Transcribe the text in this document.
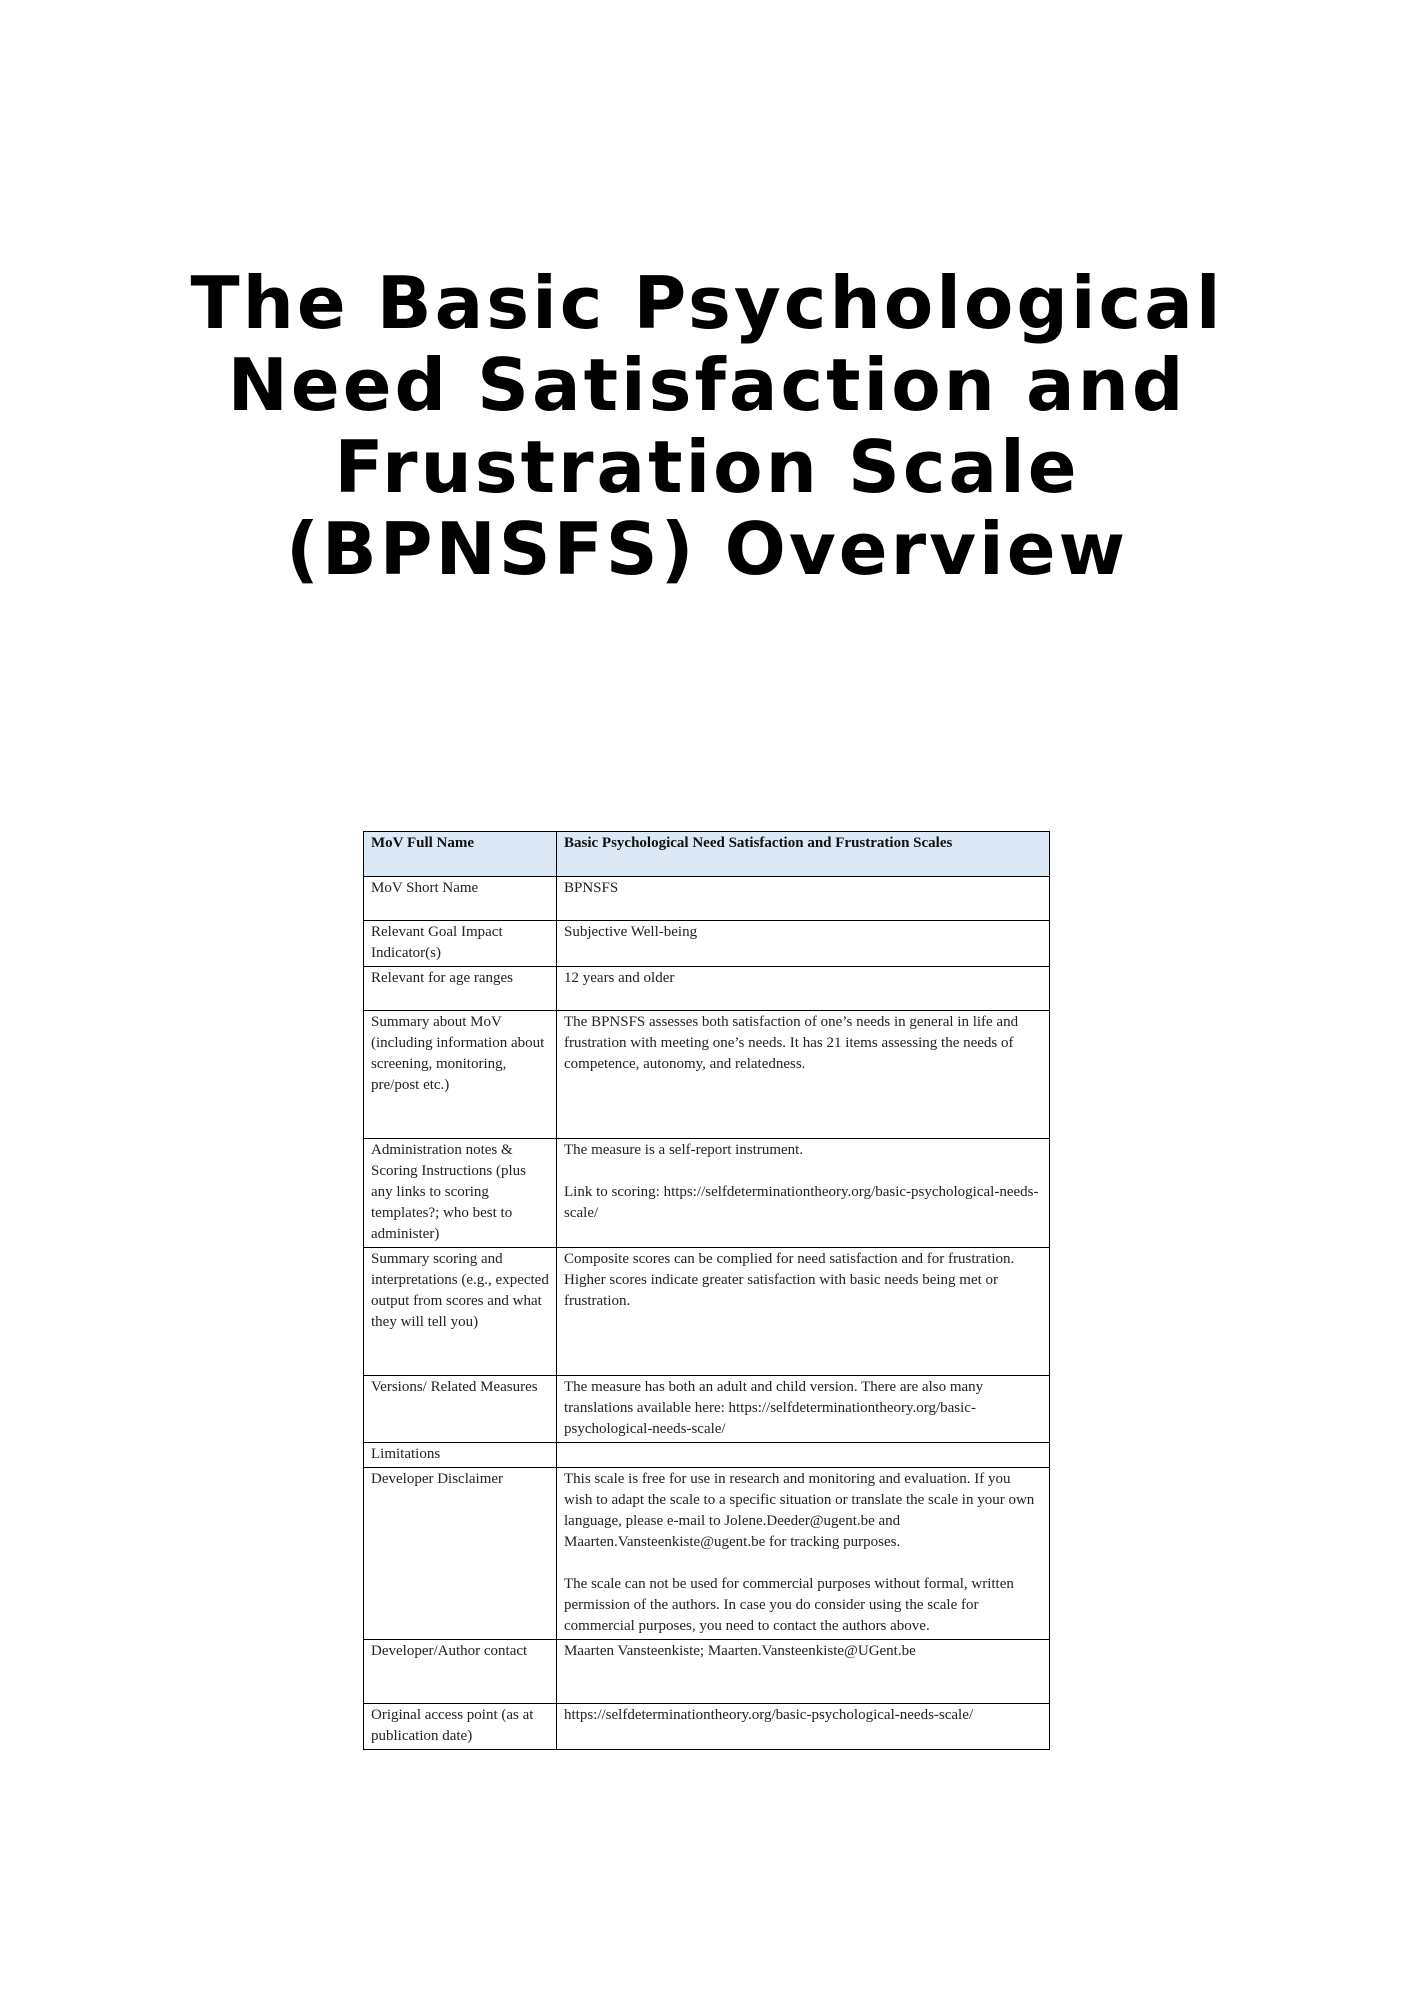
The Basic Psychological
Need Satisfaction and
Frustration Scale
(BPNSFS) Overview
MoV Full Name	Basic Psychological Need Satisfaction and Frustration Scales
MoV Short Name	BPNSFS

Relevant Goal Impact Indicator(s)	Subjective Well-being

Relevant for age ranges	12 years and older

Summary about MoV (including information about screening, monitoring, pre/post etc.)	The BPNSFS assesses both satisfaction of one’s needs in general in life and frustration with meeting one’s needs. It has 21 items assessing the needs of competence, autonomy, and relatedness.

Administration notes & Scoring Instructions (plus any links to scoring templates?; who best to administer)	The measure is a self-report instrument.
Link to scoring: https://selfdeterminationtheory.org/basic-psychological-needs-scale/

Summary scoring and interpretations (e.g., expected output from scores and what they will tell you)	Composite scores can be complied for need satisfaction and for frustration. Higher scores indicate greater satisfaction with basic needs being met or frustration.

Versions/ Related Measures	The measure has both an adult and child version. There are also many translations available here: https://selfdeterminationtheory.org/basic-psychological-needs-scale/

Limitations	
Developer Disclaimer	This scale is free for use in research and monitoring and evaluation. If you wish to adapt the scale to a specific situation or translate the scale in your own language, please e-mail to Jolene.Deeder@ugent.be and Maarten.Vansteenkiste@ugent.be for tracking purposes.
The scale can not be used for commercial purposes without formal, written permission of the authors. In case you do consider using the scale for commercial purposes, you need to contact the authors above.

Developer/Author contact	Maarten Vansteenkiste; Maarten.Vansteenkiste@UGent.be

Original access point (as at publication date)	https://selfdeterminationtheory.org/basic-psychological-needs-scale/
